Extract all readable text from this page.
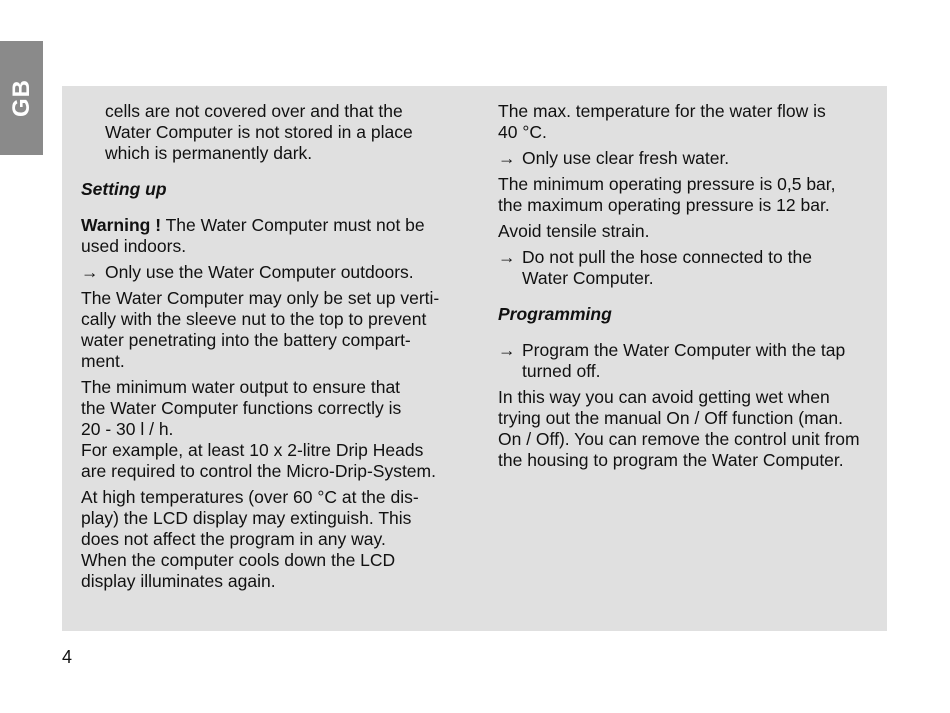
GB	cells are not covered over and that the
Water Computer is not stored in a place
which is permanently dark.
Setting up
Warning ! The Water Computer must not be
used indoors.
→ Only use the Water Computer outdoors.
The Water Computer may only be set up verti-
cally with the sleeve nut to the top to prevent
water penetrating into the battery compart-
ment.
The minimum water output to ensure that
the Water Computer functions correctly is
20 - 30 l / h.
For example, at least 10 x 2-litre Drip Heads
are required to control the Micro-Drip-System.
At high temperatures (over 60 °C at the dis-
play) the LCD display may extinguish. This
does not affect the program in any way.
When the computer cools down the LCD
display illuminates again.
The max. temperature for the water flow is
40 °C.
→ Only use clear fresh water.
The minimum operating pressure is 0,5 bar,
the maximum operating pressure is 12 bar.
Avoid tensile strain.
→ Do not pull the hose connected to the
Water Computer.
Programming
→ Program the Water Computer with the tap
turned off.
In this way you can avoid getting wet when
trying out the manual On / Off function (man.
On / Off). You can remove the control unit from
the housing to program the Water Computer.
4
